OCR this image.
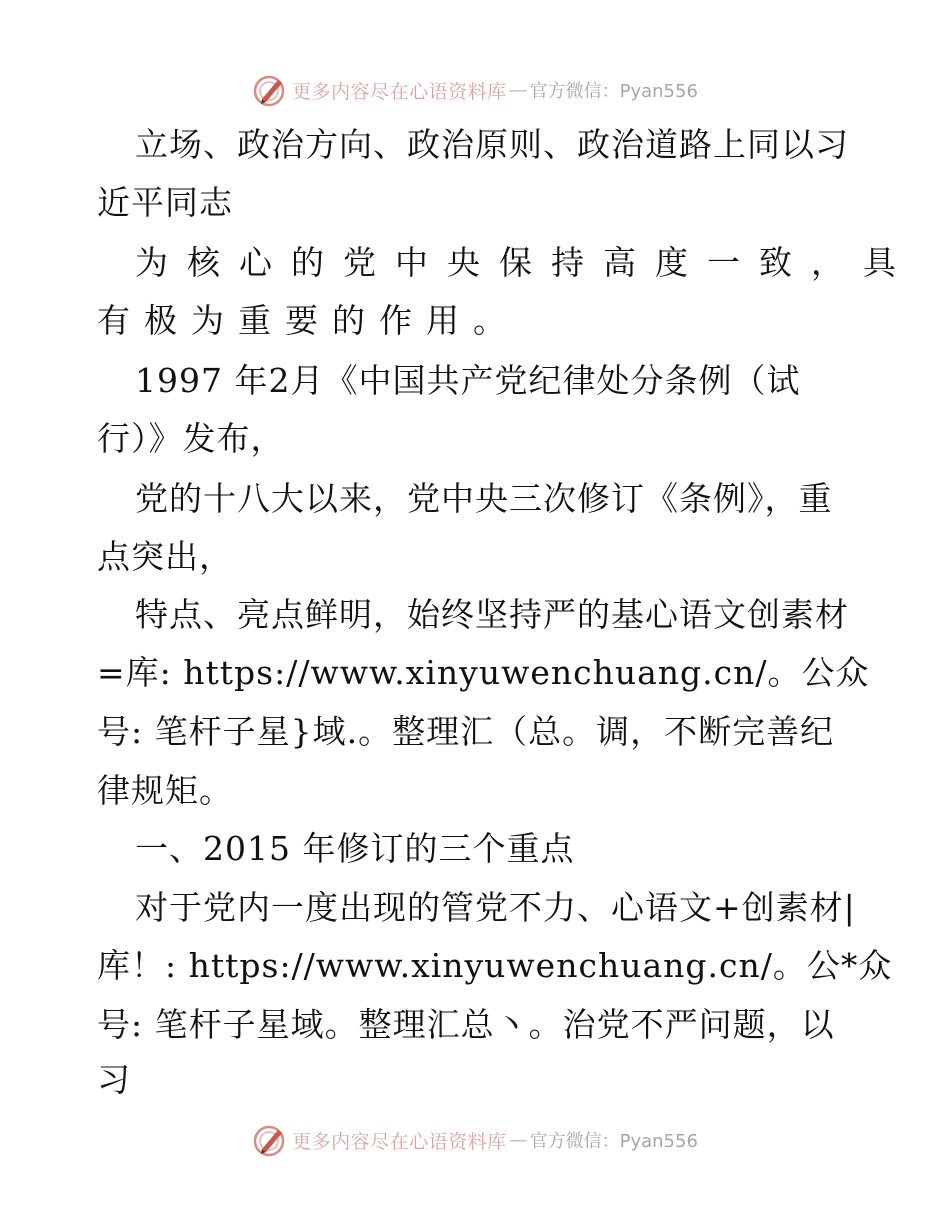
更多内容尽在心语资料库 — 官方微信：Pyan556
立场、政治方向、政治原则、政治道路上同以习
近平同志
为核心的党中央保持高度一致，具
有极为重要的作用。
1997 年2月《中国共产党纪律处分条例（试
行）》发布，
党的十八大以来，党中央三次修订《条例》，重
点突出，
特点、亮点鲜明，始终坚持严的基心语文创素材
=库: https://www.xinyuwenchuang.cn/。公众
号: 笔杆子星}域.。整理汇（总。调，不断完善纪
律规矩。
一、2015 年修订的三个重点
对于党内一度出现的管党不力、心语文+创素材|
库！: https://www.xinyuwenchuang.cn/。公*众
号: 笔杆子星域。整理汇总丶。治党不严问题，以
习
更多内容尽在心语资料库 — 官方微信：Pyan556
